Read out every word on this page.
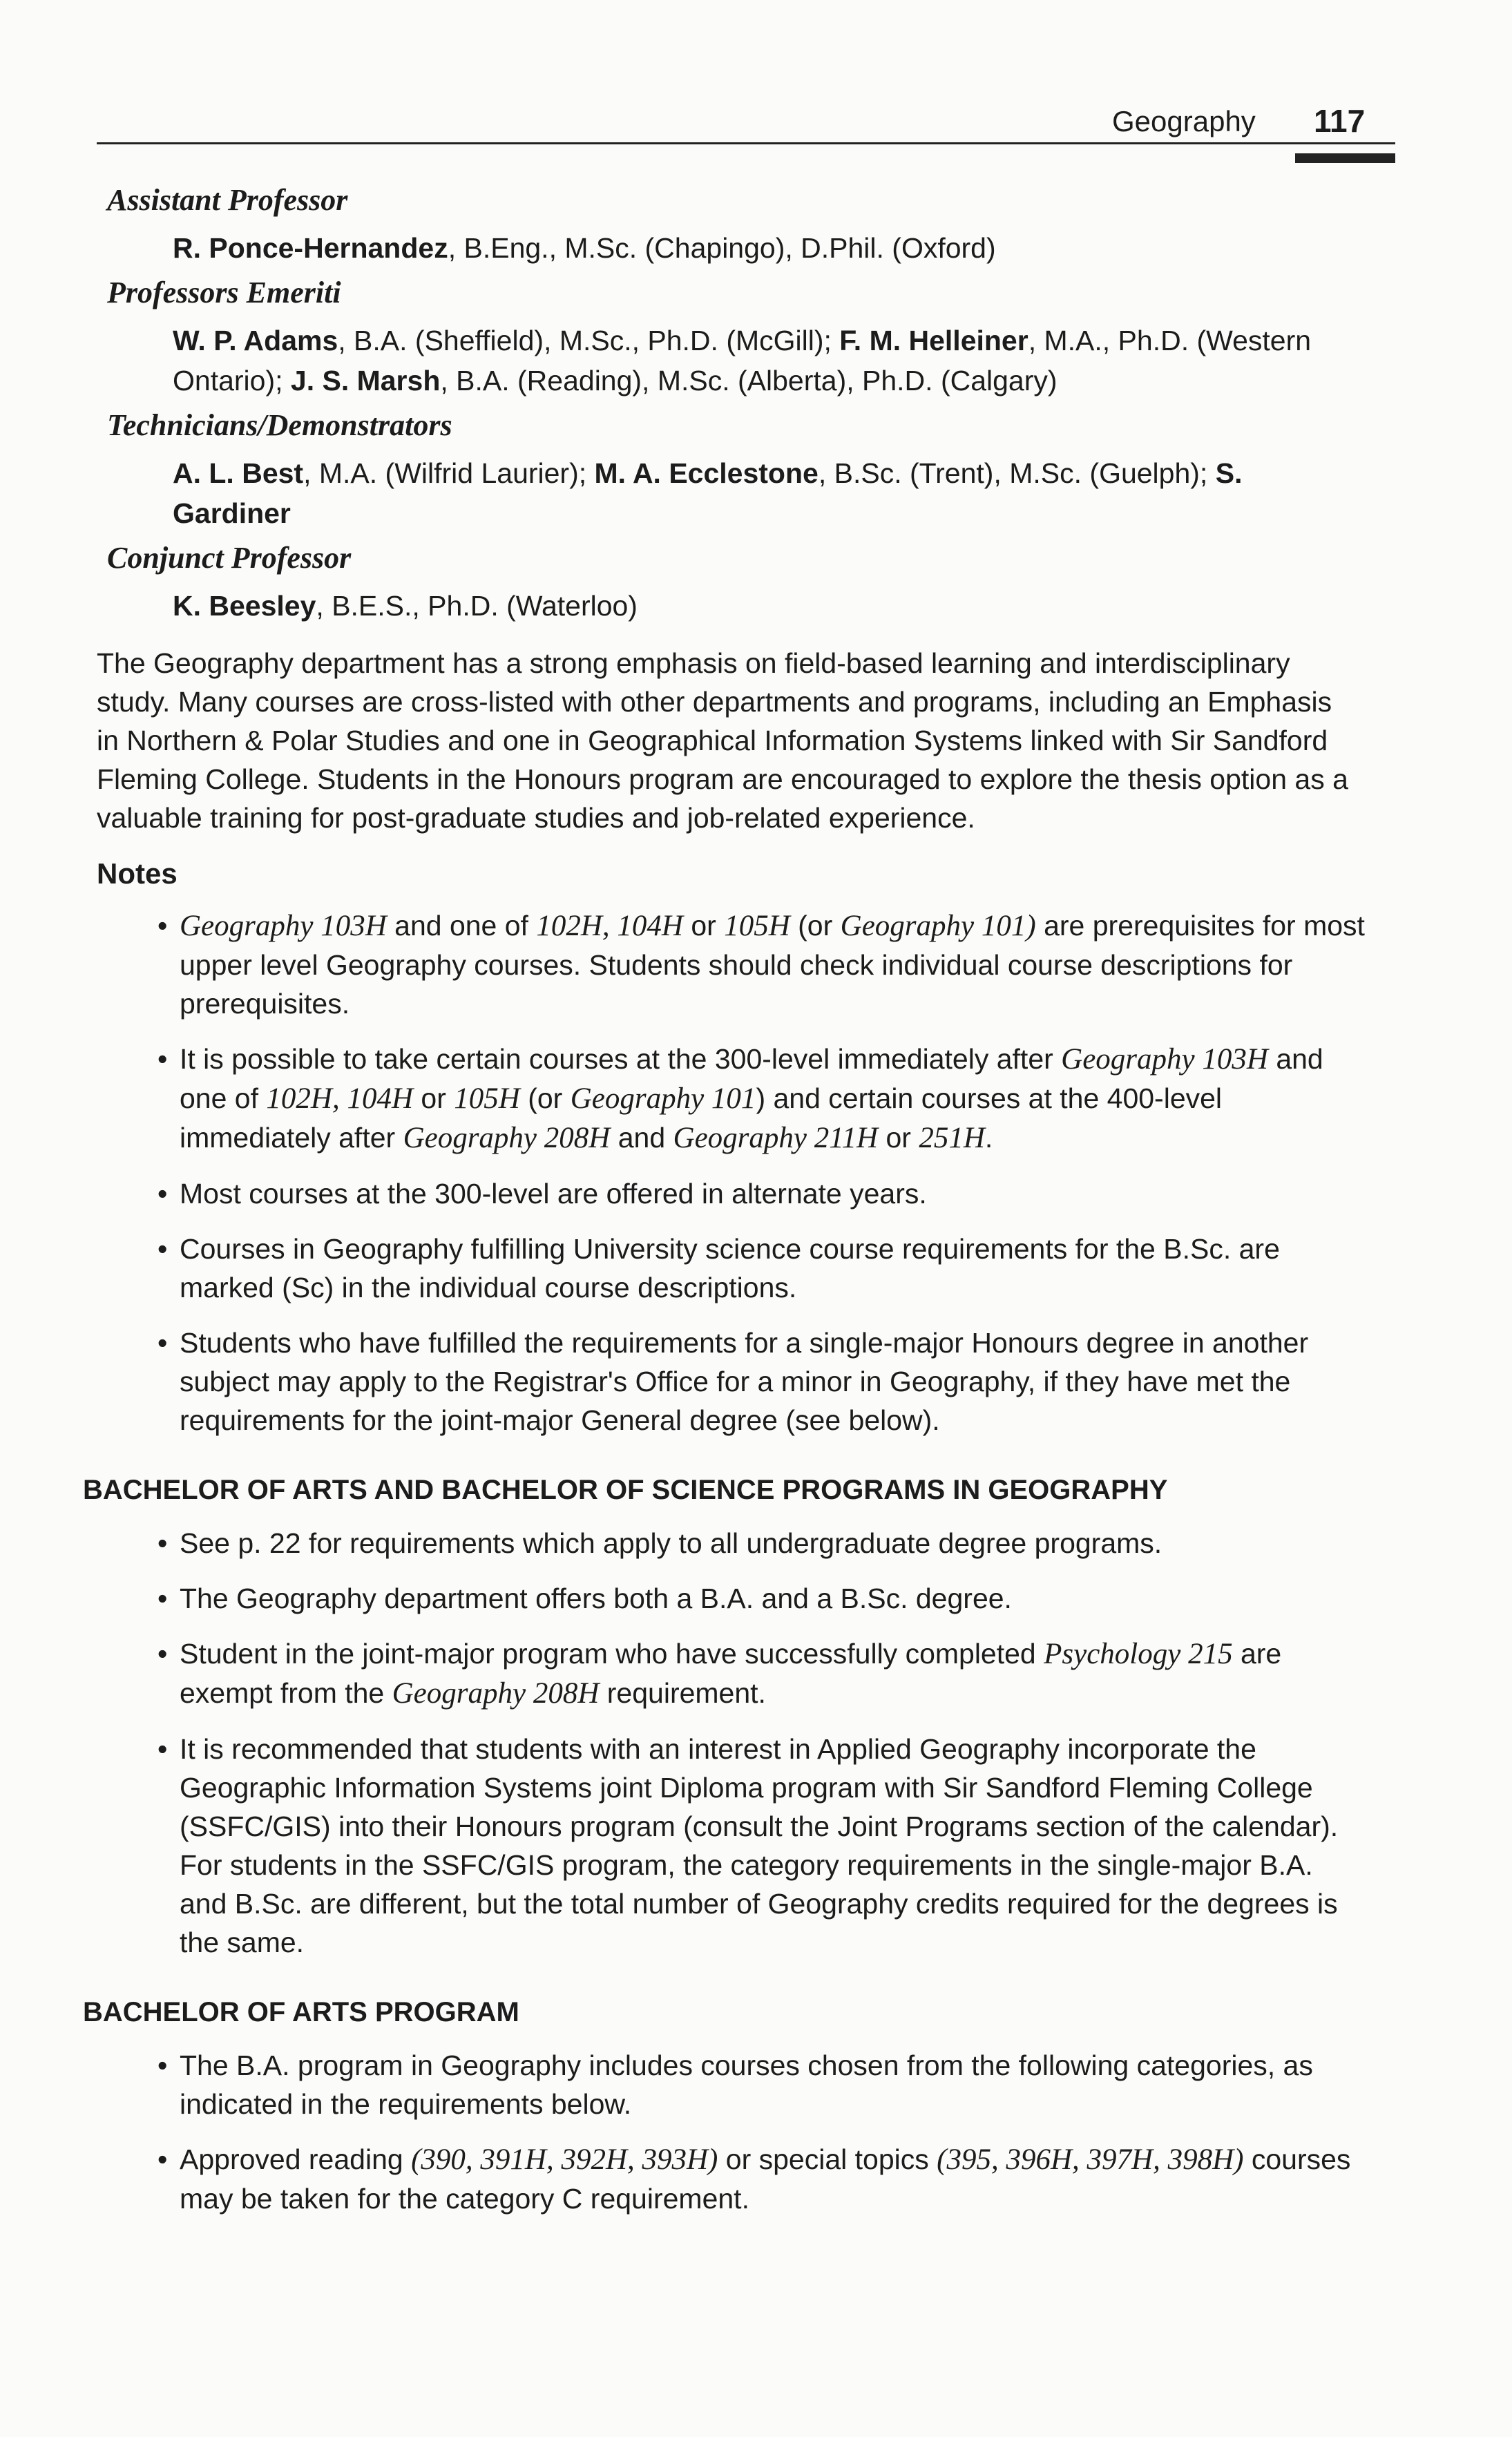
Geography 117
Assistant Professor
R. Ponce-Hernandez, B.Eng., M.Sc. (Chapingo), D.Phil. (Oxford)
Professors Emeriti
W. P. Adams, B.A. (Sheffield), M.Sc., Ph.D. (McGill); F. M. Helleiner, M.A., Ph.D. (Western Ontario); J. S. Marsh, B.A. (Reading), M.Sc. (Alberta), Ph.D. (Calgary)
Technicians/Demonstrators
A. L. Best, M.A. (Wilfrid Laurier); M. A. Ecclestone, B.Sc. (Trent), M.Sc. (Guelph); S. Gardiner
Conjunct Professor
K. Beesley, B.E.S., Ph.D. (Waterloo)

The Geography department has a strong emphasis on field-based learning and interdisciplinary study. Many courses are cross-listed with other departments and programs, including an Emphasis in Northern & Polar Studies and one in Geographical Information Systems linked with Sir Sandford Fleming College. Students in the Honours program are encouraged to explore the thesis option as a valuable training for post-graduate studies and job-related experience.

Notes
• Geography 103H and one of 102H, 104H or 105H (or Geography 101) are prerequisites for most upper level Geography courses. Students should check individual course descriptions for prerequisites.
• It is possible to take certain courses at the 300-level immediately after Geography 103H and one of 102H, 104H or 105H (or Geography 101) and certain courses at the 400-level immediately after Geography 208H and Geography 211H or 251H.
• Most courses at the 300-level are offered in alternate years.
• Courses in Geography fulfilling University science course requirements for the B.Sc. are marked (Sc) in the individual course descriptions.
• Students who have fulfilled the requirements for a single-major Honours degree in another subject may apply to the Registrar's Office for a minor in Geography, if they have met the requirements for the joint-major General degree (see below).
BACHELOR OF ARTS AND BACHELOR OF SCIENCE PROGRAMS IN GEOGRAPHY
• See p. 22 for requirements which apply to all undergraduate degree programs.
• The Geography department offers both a B.A. and a B.Sc. degree.
• Student in the joint-major program who have successfully completed Psychology 215 are exempt from the Geography 208H requirement.
• It is recommended that students with an interest in Applied Geography incorporate the Geographic Information Systems joint Diploma program with Sir Sandford Fleming College (SSFC/GIS) into their Honours program (consult the Joint Programs section of the calendar). For students in the SSFC/GIS program, the category requirements in the single-major B.A. and B.Sc. are different, but the total number of Geography credits required for the degrees is the same.
BACHELOR OF ARTS PROGRAM
• The B.A. program in Geography includes courses chosen from the following categories, as indicated in the requirements below.
• Approved reading (390, 391H, 392H, 393H) or special topics (395, 396H, 397H, 398H) courses may be taken for the category C requirement.
